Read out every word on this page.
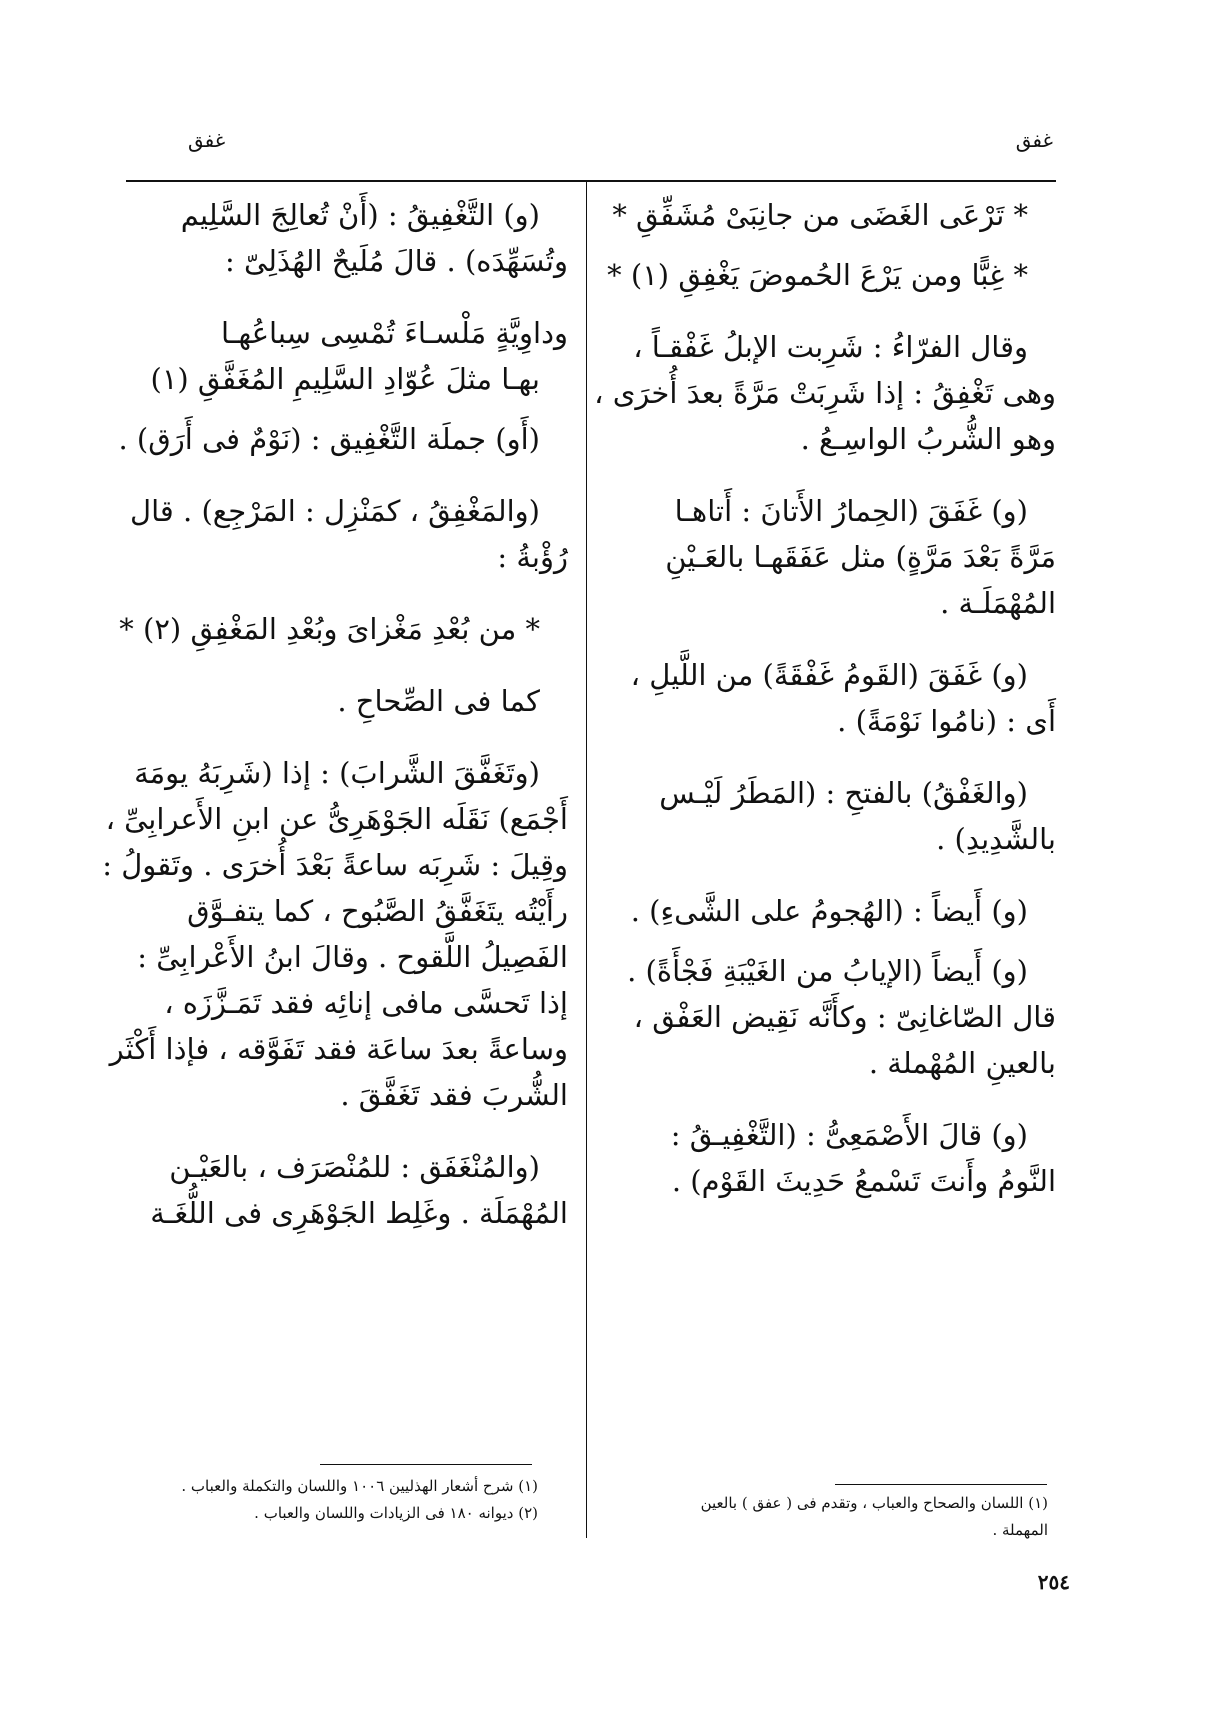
غفق
غفق
* تَرْعَى الغَضَى من جانِبَىْ مُشَفِّقِ *
* غِبًّا ومن يَرْعَ الحُموضَ يَغْفِقِ (١) *
وقال الفرّاءُ : شَرِبت الإبلُ غَفْقـاً ،
وهى تَغْفِقُ : إذا شَرِبَتْ مَرَّةً بعدَ أُخرَى ،
وهو الشُّربُ الواسِـعُ .
(و) غَفَقَ (الحِمارُ الأَتانَ : أَتاهـا
مَرَّةً بَعْدَ مَرَّةٍ) مثل عَفَقَهـا بالعَـيْنِ
المُهْمَلَـة .
(و) غَفَقَ (القَومُ غَفْقَةً) من اللَّيلِ ،
أَى : (نامُوا نَوْمَةً) .
(والغَفْقُ) بالفتحِ : (المَطَرُ لَيْـس
بالشَّدِيدِ) .
(و) أَيضاً : (الهُجومُ على الشَّىءِ) .
(و) أَيضاً (الإيابُ من الغَيْبَةِ فَجْأَةً) .
قال الصّاغانِىّ : وكأَنَّه نَقِيض العَفْق ،
بالعينِ المُهْملة .
(و) قالَ الأَصْمَعِىُّ : (التَّغْفِيـقُ :
النَّومُ وأَنتَ تَسْمعُ حَدِيثَ القَوْم) .
(و) التَّغْفِيقُ : (أَنْ تُعالِجَ السَّلِيم
وتُسَهِّدَه) . قالَ مُلَيحٌ الهُذَلِىّ :
وداوِيَّةٍ مَلْسـاءَ تُمْسِى سِباعُهـا
بهـا مثلَ عُوّادِ السَّلِيمِ المُغَفَّقِ (١)
(أَو) جملَة التَّغْفِيق : (نَوْمٌ فى أَرَق) .
(والمَغْفِقُ ، كمَنْزِل : المَرْجِع) . قال
رُؤْبةُ :
* من بُعْدِ مَغْزاىَ وبُعْدِ المَغْفِقِ (٢) *
كما فى الصِّحاحِ .
(وتَغَفَّقَ الشَّرابَ) : إذا (شَرِبَهُ يومَهَ
أَجْمَع) نَقَلَه الجَوْهَرِىُّ عن ابنِ الأَعرابِىِّ ،
وقِيلَ : شَرِبَه ساعةً بَعْدَ أُخرَى . وتَقولُ :
رأَيْتُه يتَغَفَّقُ الصَّبُوح ، كما يتفـوَّق
الفَصِيلُ اللَّقوح . وقالَ ابنُ الأَعْرابِىِّ :
إذا تَحسَّى مافى إنائِه فقد تَمَـزَّزَه ،
وساعةً بعدَ ساعَة فقد تَفَوَّقه ، فإذا أَكْثَر
الشُّربَ فقد تَغَفَّقَ .
(والمُنْغَفَق : للمُنْصَرَف ، بالعَيْـن
المُهْمَلَة . وغَلِط الجَوْهَرِى فى اللُّغَـة
(١) اللسان والصحاح والعباب ، وتقدم فى ( عفق ) بالعين
المهملة .
(١) شرح أشعار الهذليين ١٠٠٦ واللسان والتكملة والعباب .
(٢) ديوانه ١٨٠ فى الزيادات واللسان والعباب .
٢٥٤
